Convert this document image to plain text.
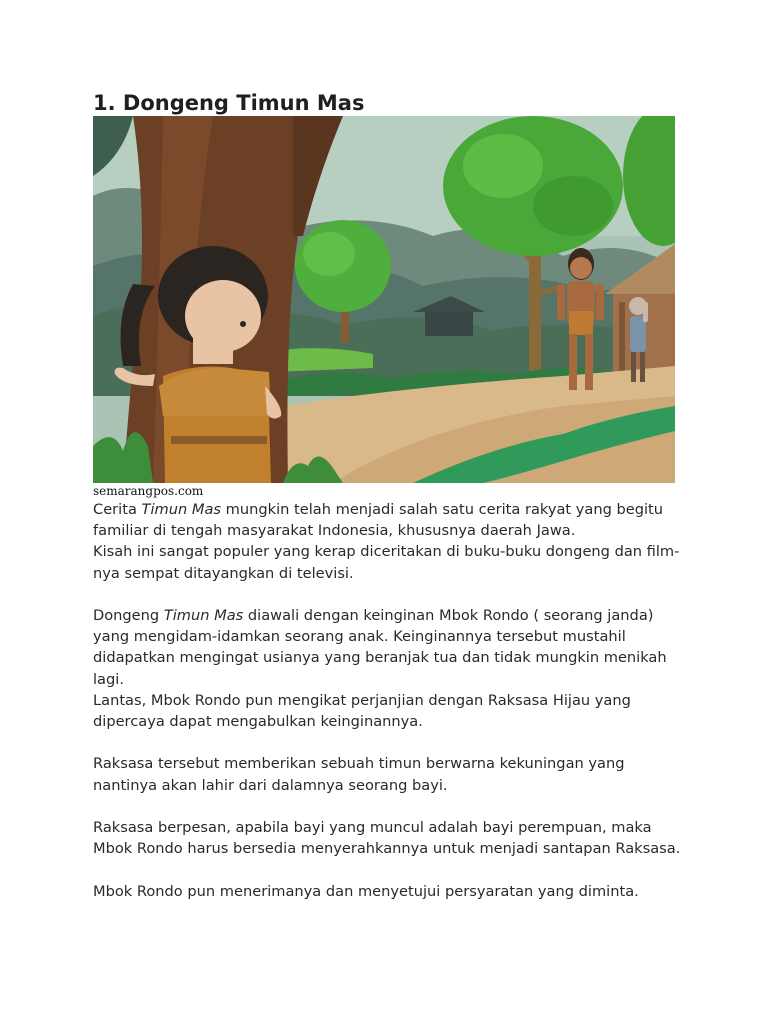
1. Dongeng Timun Mas
semarangpos.com

Cerita Timun Mas mungkin telah menjadi salah satu cerita rakyat yang begitu familiar di tengah masyarakat Indonesia, khususnya daerah Jawa.

Kisah ini sangat populer yang kerap diceritakan di buku-buku dongeng dan film-nya sempat ditayangkan di televisi.

Dongeng Timun Mas diawali dengan keinginan Mbok Rondo ( seorang janda) yang mengidam-idamkan seorang anak. Keinginannya tersebut mustahil didapatkan mengingat usianya yang beranjak tua dan tidak mungkin menikah lagi.

Lantas, Mbok Rondo pun mengikat perjanjian dengan Raksasa Hijau yang dipercaya dapat mengabulkan keinginannya.

Raksasa tersebut memberikan sebuah timun berwarna kekuningan yang nantinya akan lahir dari dalamnya seorang bayi.

Raksasa berpesan, apabila bayi yang muncul adalah bayi perempuan, maka Mbok Rondo harus bersedia menyerahkannya untuk menjadi santapan Raksasa.

Mbok Rondo pun menerimanya dan menyetujui persyaratan yang diminta.
